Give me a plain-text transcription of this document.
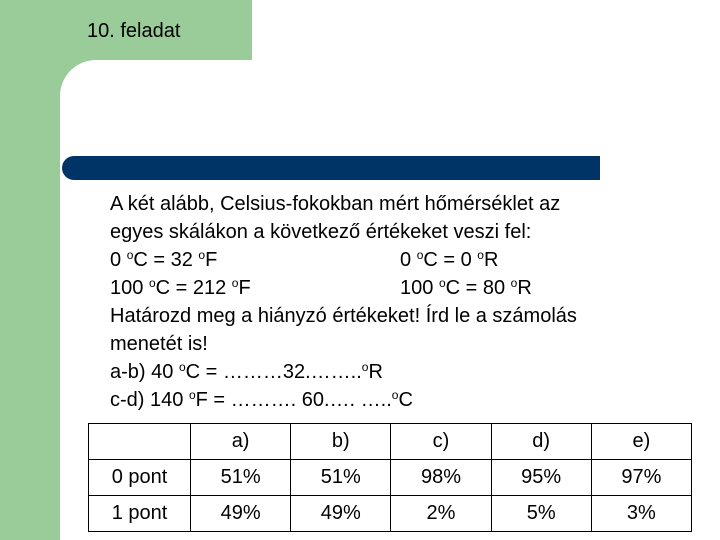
10. feladat
A két alább, Celsius-fokokban mért hőmérséklet az
egyes skálákon a következő értékeket veszi fel:
0 $^o$C = 32 $^o$F	0 $^o$C = 0 $^o$R
100 $^o$C = 212 $^o$F	100 $^o$C = 80 $^o$R
Határozd meg a hiányzó értékeket! Írd le a számolás
menetét is!
a-b) 40 $^o$C = ………32.……..$^o$R
c-d) 140 $^o$F = ………. 60.…. …..$^o$C
	a)	b)	c)	d)	e)
0 pont	51%	51%	98%	95%	97%
1 pont	49%	49%	2%	5%	3%
